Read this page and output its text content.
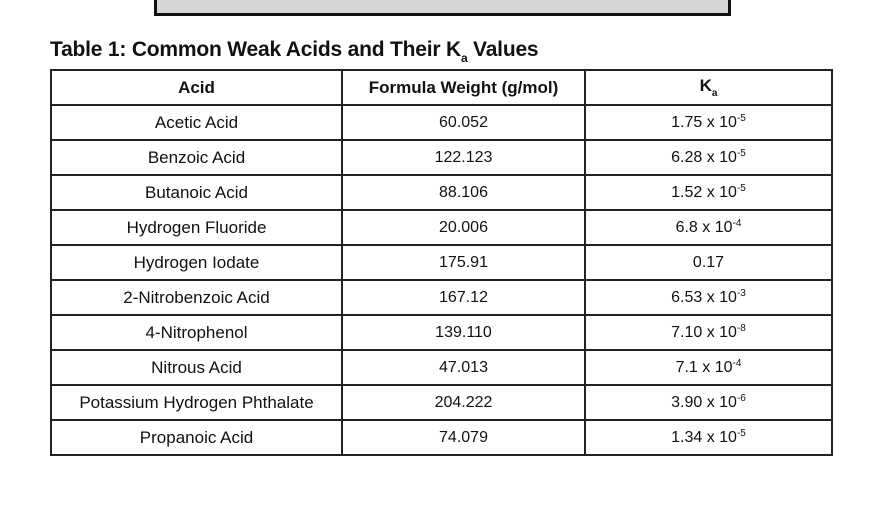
Table 1: Common Weak Acids and Their $K_a$ Values
Acid	Formula Weight (g/mol)	$K_a$
Acetic Acid	60.052	1.75 x $10^{-5}$
Benzoic Acid	122.123	6.28 x $10^{-5}$
Butanoic Acid	88.106	1.52 x $10^{-5}$
Hydrogen Fluoride	20.006	6.8 x $10^{-4}$
Hydrogen Iodate	175.91	0.17
2-Nitrobenzoic Acid	167.12	6.53 x $10^{-3}$
4-Nitrophenol	139.110	7.10 x $10^{-8}$
Nitrous Acid	47.013	7.1 x $10^{-4}$
Potassium Hydrogen Phthalate	204.222	3.90 x $10^{-6}$
Propanoic Acid	74.079	1.34 x $10^{-5}$
